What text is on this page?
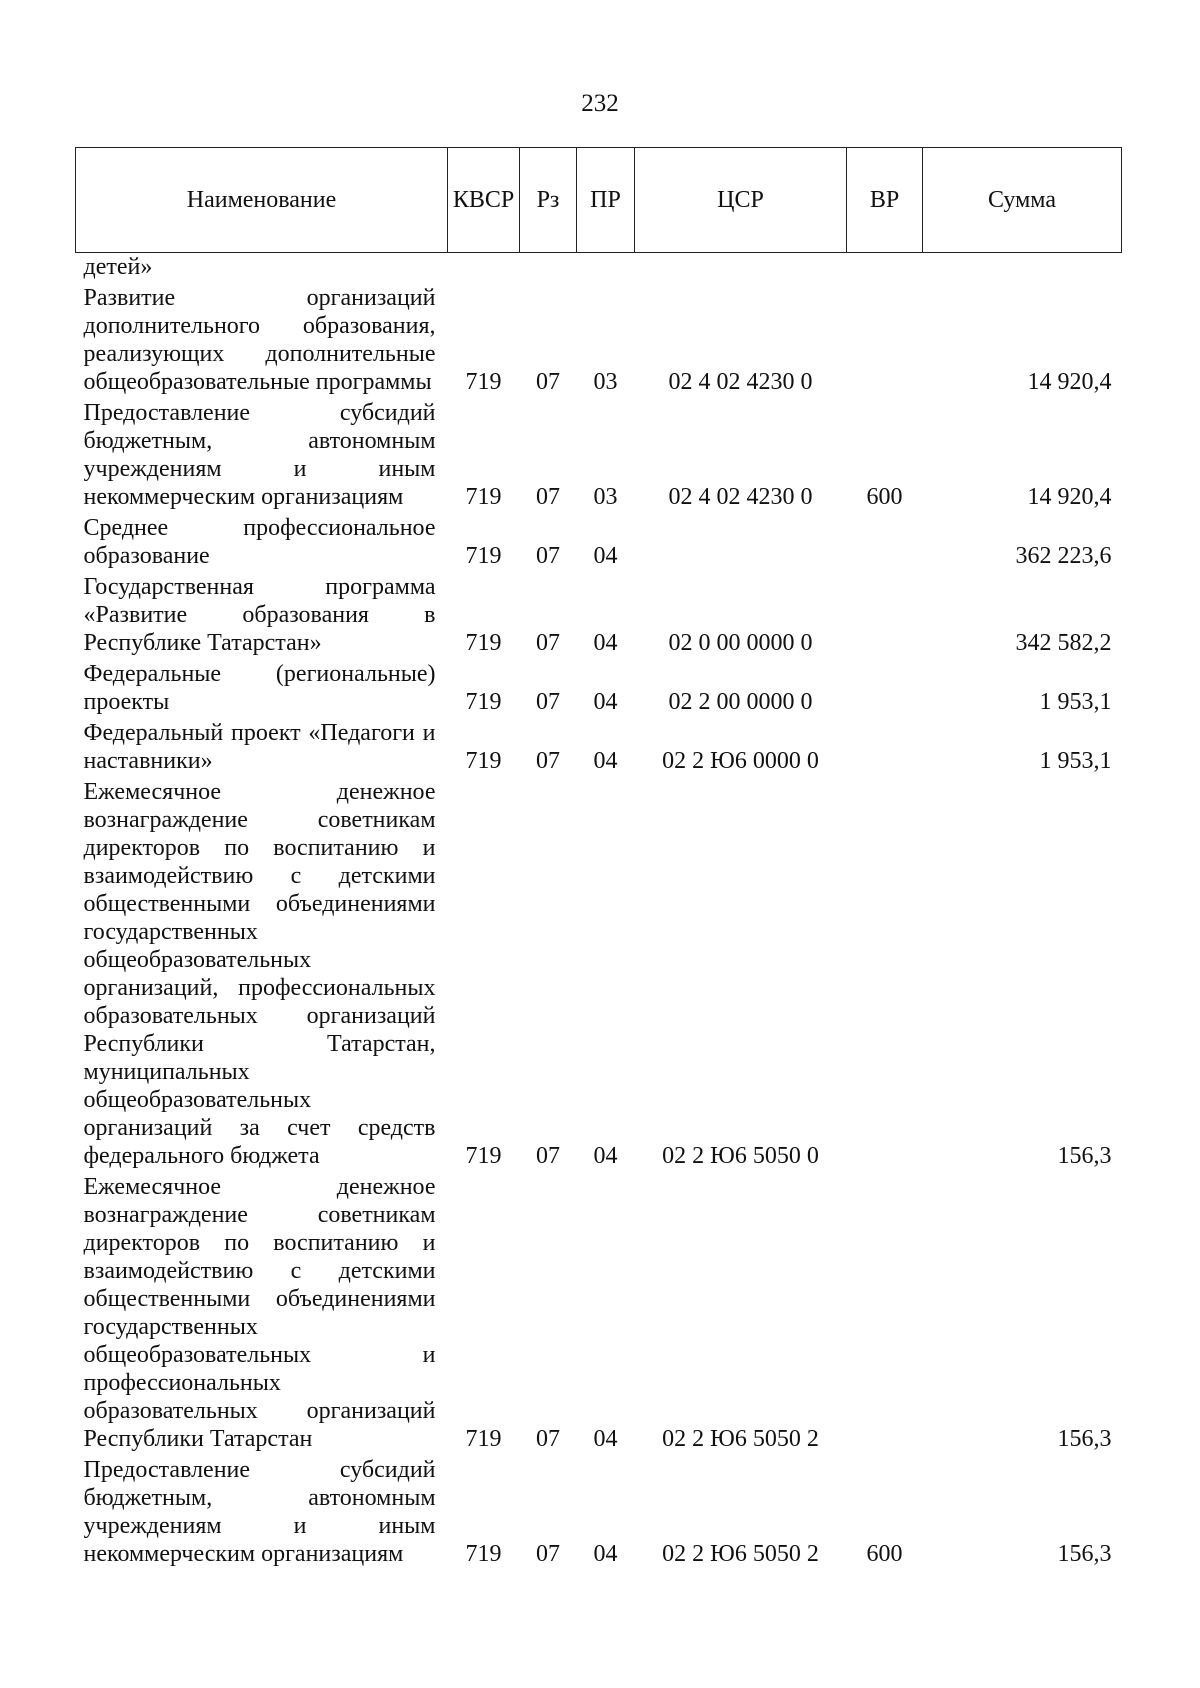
232
Наименование	КВСР	Рз	ПР	ЦСР	ВР	Сумма
детей»						
Развитие организаций дополнительного образования, реализующих дополнительные общеобразовательные программы	719	07	03	02 4 02 4230 0		14 920,4
Предоставление субсидий бюджетным, автономным учреждениям и иным некоммерческим организациям	719	07	03	02 4 02 4230 0	600	14 920,4
Среднее профессиональное образование	719	07	04			362 223,6
Государственная программа «Развитие образования в Республике Татарстан»	719	07	04	02 0 00 0000 0		342 582,2
Федеральные (региональные) проекты	719	07	04	02 2 00 0000 0		1 953,1
Федеральный проект «Педагоги и наставники»	719	07	04	02 2 Ю6 0000 0		1 953,1
Ежемесячное денежное вознаграждение советникам директоров по воспитанию и взаимодействию с детскими общественными объединениями государственных общеобразовательных организаций, профессиональных образовательных организаций Республики Татарстан, муниципальных общеобразовательных организаций за счет средств федерального бюджета	719	07	04	02 2 Ю6 5050 0		156,3
Ежемесячное денежное вознаграждение советникам директоров по воспитанию и взаимодействию с детскими общественными объединениями государственных общеобразовательных и профессиональных образовательных организаций Республики Татарстан	719	07	04	02 2 Ю6 5050 2		156,3
Предоставление субсидий бюджетным, автономным учреждениям и иным некоммерческим организациям	719	07	04	02 2 Ю6 5050 2	600	156,3
